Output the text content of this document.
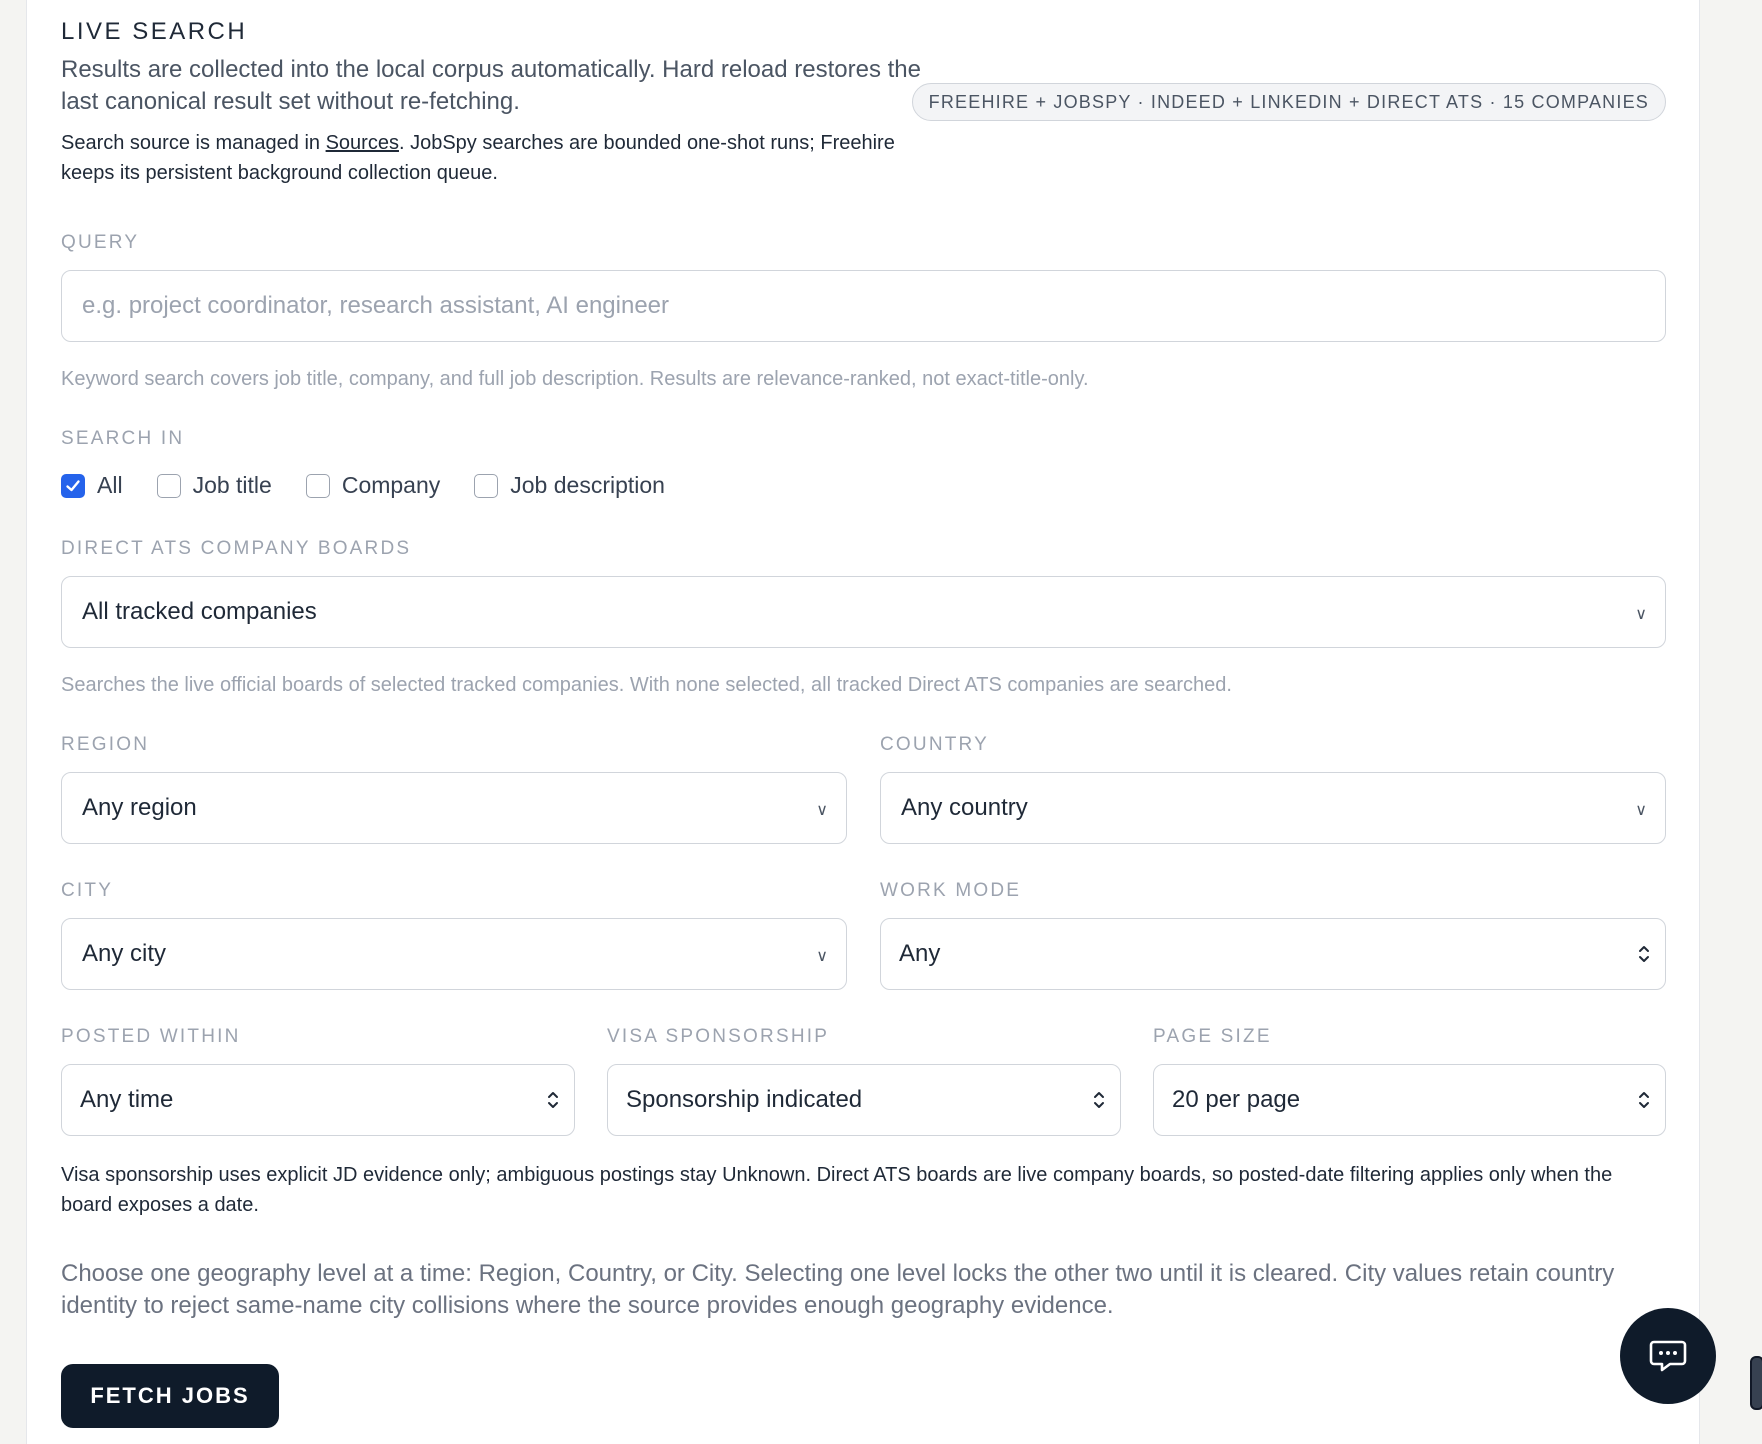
LIVE SEARCH
Results are collected into the local corpus automatically. Hard reload restores the last canonical result set without re-fetching.
Search source is managed in Sources. JobSpy searches are bounded one-shot runs; Freehire keeps its persistent background collection queue.
FREEHIRE + JOBSPY · INDEED + LINKEDIN + DIRECT ATS · 15 COMPANIES
QUERY
e.g. project coordinator, research assistant, AI engineer
Keyword search covers job title, company, and full job description. Results are relevance-ranked, not exact-title-only.
SEARCH IN
All	Job title	Company	Job description
DIRECT ATS COMPANY BOARDS
All tracked companies	∨
Searches the live official boards of selected tracked companies. With none selected, all tracked Direct ATS companies are searched.
REGION
Any region	∨
COUNTRY
Any country	∨
CITY
Any city	∨
WORK MODE
Any
POSTED WITHIN
Any time
VISA SPONSORSHIP
Sponsorship indicated
PAGE SIZE
20 per page
Visa sponsorship uses explicit JD evidence only; ambiguous postings stay Unknown. Direct ATS boards are live company boards, so posted-date filtering applies only when the board exposes a date.
Choose one geography level at a time: Region, Country, or City. Selecting one level locks the other two until it is cleared. City values retain country identity to reject same-name city collisions where the source provides enough geography evidence.
FETCH JOBS
